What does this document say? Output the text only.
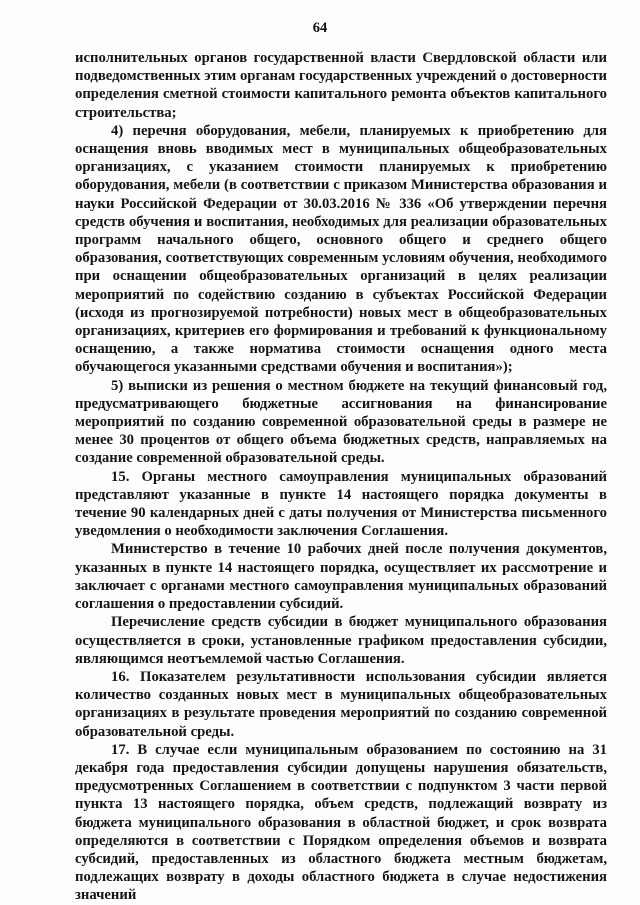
64

исполнительных органов государственной власти Свердловской области или подведомственных этим органам государственных учреждений о достоверности определения сметной стоимости капитального ремонта объектов капитального строительства;

4) перечня оборудования, мебели, планируемых к приобретению для оснащения вновь вводимых мест в муниципальных общеобразовательных организациях, с указанием стоимости планируемых к приобретению оборудования, мебели (в соответствии с приказом Министерства образования и науки Российской Федерации от 30.03.2016 № 336 «Об утверждении перечня средств обучения и воспитания, необходимых для реализации образовательных программ начального общего, основного общего и среднего общего образования, соответствующих современным условиям обучения, необходимого при оснащении общеобразовательных организаций в целях реализации мероприятий по содействию созданию в субъектах Российской Федерации (исходя из прогнозируемой потребности) новых мест в общеобразовательных организациях, критериев его формирования и требований к функциональному оснащению, а также норматива стоимости оснащения одного места обучающегося указанными средствами обучения и воспитания»);

5) выписки из решения о местном бюджете на текущий финансовый год, предусматривающего бюджетные ассигнования на финансирование мероприятий по созданию современной образовательной среды в размере не менее 30 процентов от общего объема бюджетных средств, направляемых на создание современной образовательной среды.

15. Органы местного самоуправления муниципальных образований представляют указанные в пункте 14 настоящего порядка документы в течение 90 календарных дней с даты получения от Министерства письменного уведомления о необходимости заключения Соглашения.

Министерство в течение 10 рабочих дней после получения документов, указанных в пункте 14 настоящего порядка, осуществляет их рассмотрение и заключает с органами местного самоуправления муниципальных образований соглашения о предоставлении субсидий.

Перечисление средств субсидии в бюджет муниципального образования осуществляется в сроки, установленные графиком предоставления субсидии, являющимся неотъемлемой частью Соглашения.

16. Показателем результативности использования субсидии является количество созданных новых мест в муниципальных общеобразовательных организациях в результате проведения мероприятий по созданию современной образовательной среды.

17. В случае если муниципальным образованием по состоянию на 31 декабря года предоставления субсидии допущены нарушения обязательств, предусмотренных Соглашением в соответствии с подпунктом 3 части первой пункта 13 настоящего порядка, объем средств, подлежащий возврату из бюджета муниципального образования в областной бюджет, и срок возврата определяются в соответствии с Порядком определения объемов и возврата субсидий, предоставленных из областного бюджета местным бюджетам, подлежащих возврату в доходы областного бюджета в случае недостижения значений
